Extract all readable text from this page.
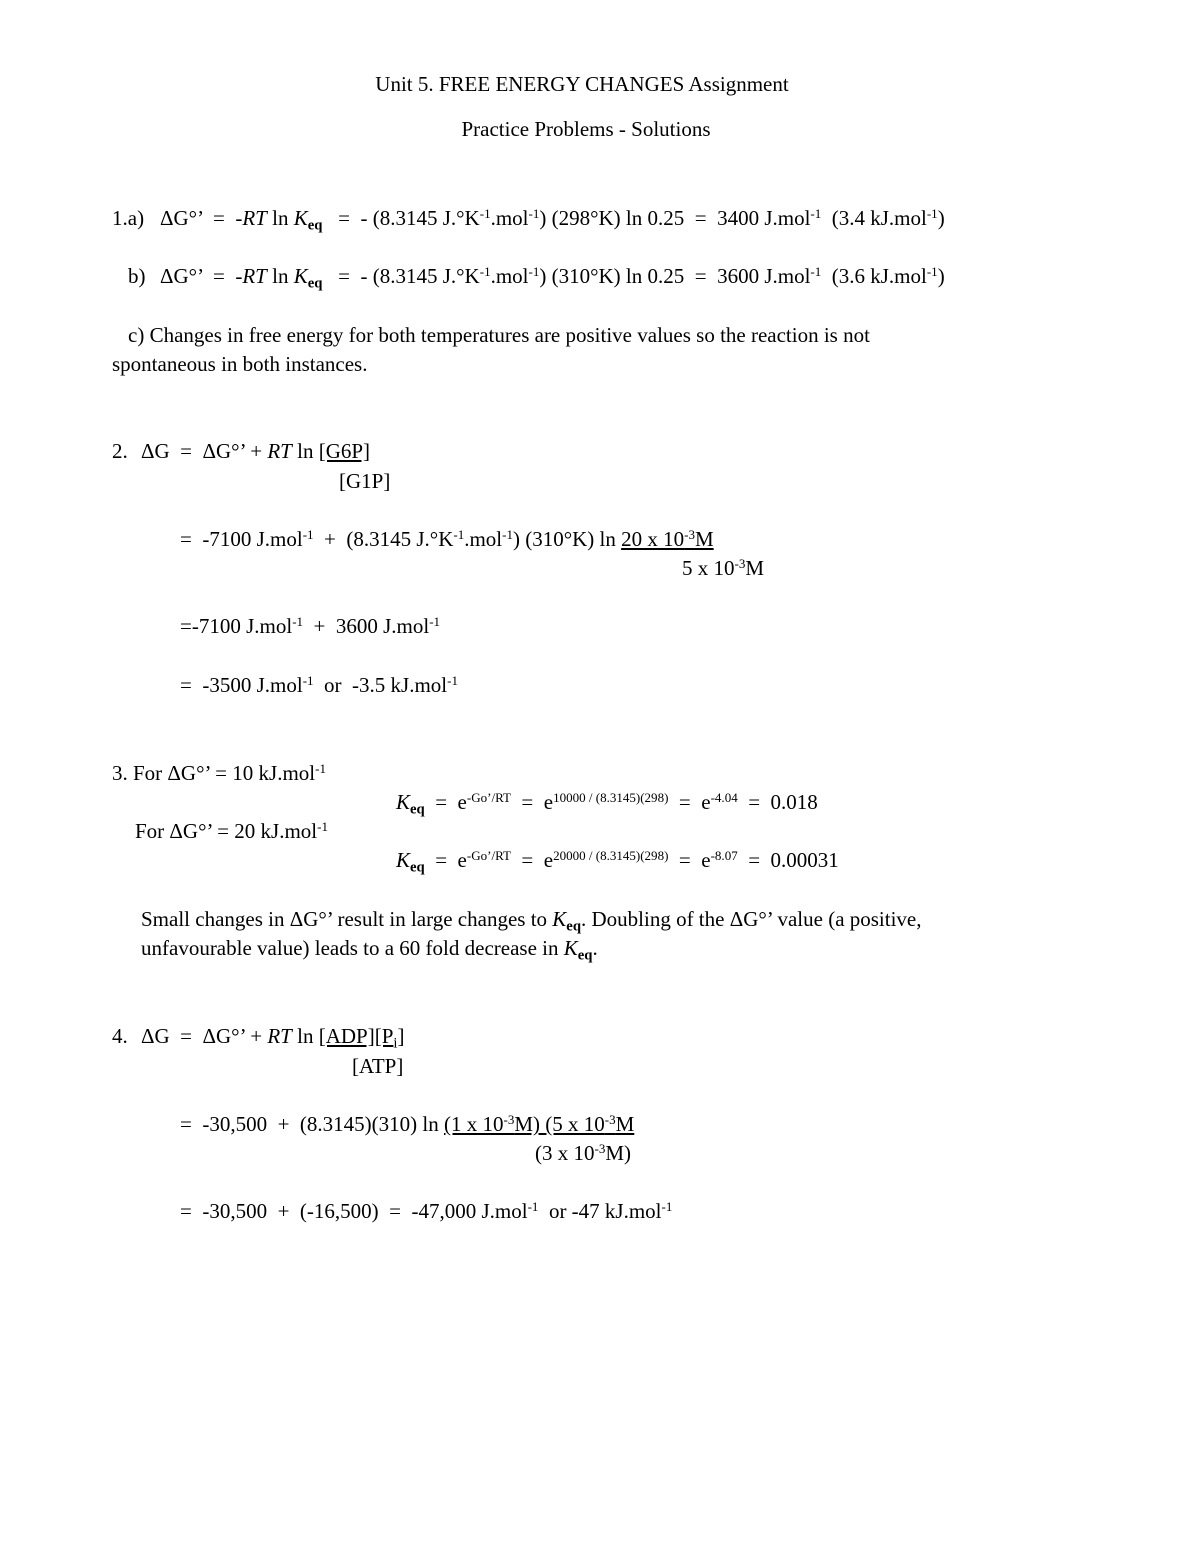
Unit 5. FREE ENERGY CHANGES Assignment
Practice Problems - Solutions
1.a) ΔG°’  =  -RT $\ln K_{eq}$   =  - (8.3145 $J.^\circ K^{-1}.mol^{-1}$) (298°K) ln 0.25  =  3400 J.mol$^{-1}$  (3.4 kJ.mol$^{-1}$)
b) ΔG°’  =  -RT $\ln K_{eq}$   =  - (8.3145 $J.^\circ K^{-1}.mol^{-1}$) (310°K) ln 0.25  =  3600 J.mol$^{-1}$  (3.6 kJ.mol$^{-1}$)
c) Changes in free energy for both temperatures are positive values so the reaction is not
spontaneous in both instances.
2. ΔG  =  ΔG°’ + RT ln [G6P]
[G1P]
=  -7100 J.mol$^{-1}$  +  (8.3145 $J.^\circ K^{-1}.mol^{-1}$) (310°K) ln 20 x $10^{-3}M$
5 x $10^{-3}M$
=-7100 J.mol$^{-1}$  +  3600 J.mol$^{-1}$
=  -3500 J.mol$^{-1}$  or  -3.5 kJ.mol$^{-1}$
3. For ΔG°’ = 10 kJ.mol$^{-1}$
$K_{eq} = e^{-Go’/RT} = e^{10000 / (8.3145)(298)} = e^{-4.04} = 0.018$
For ΔG°’ = 20 kJ.mol$^{-1}$
$K_{eq} = e^{-Go’/RT} = e^{20000 / (8.3145)(298)} = e^{-8.07} = 0.00031$
Small changes in ΔG°’ result in large changes to $K_{eq}$. Doubling of the ΔG°’ value (a positive,
unfavourable value) leads to a 60 fold decrease in $K_{eq}$.
4. ΔG  =  ΔG°’ + RT $\ln [ADP][P_i]$
[ATP]
=  -30,500  +  (8.3145)(310) ln (1 x $10^{-3}M$) (5 x $10^{-3}M$
(3 x $10^{-3}M$)
=  -30,500  +  (-16,500)  =  -47,000 J.mol$^{-1}$  or -47 kJ.mol$^{-1}$
